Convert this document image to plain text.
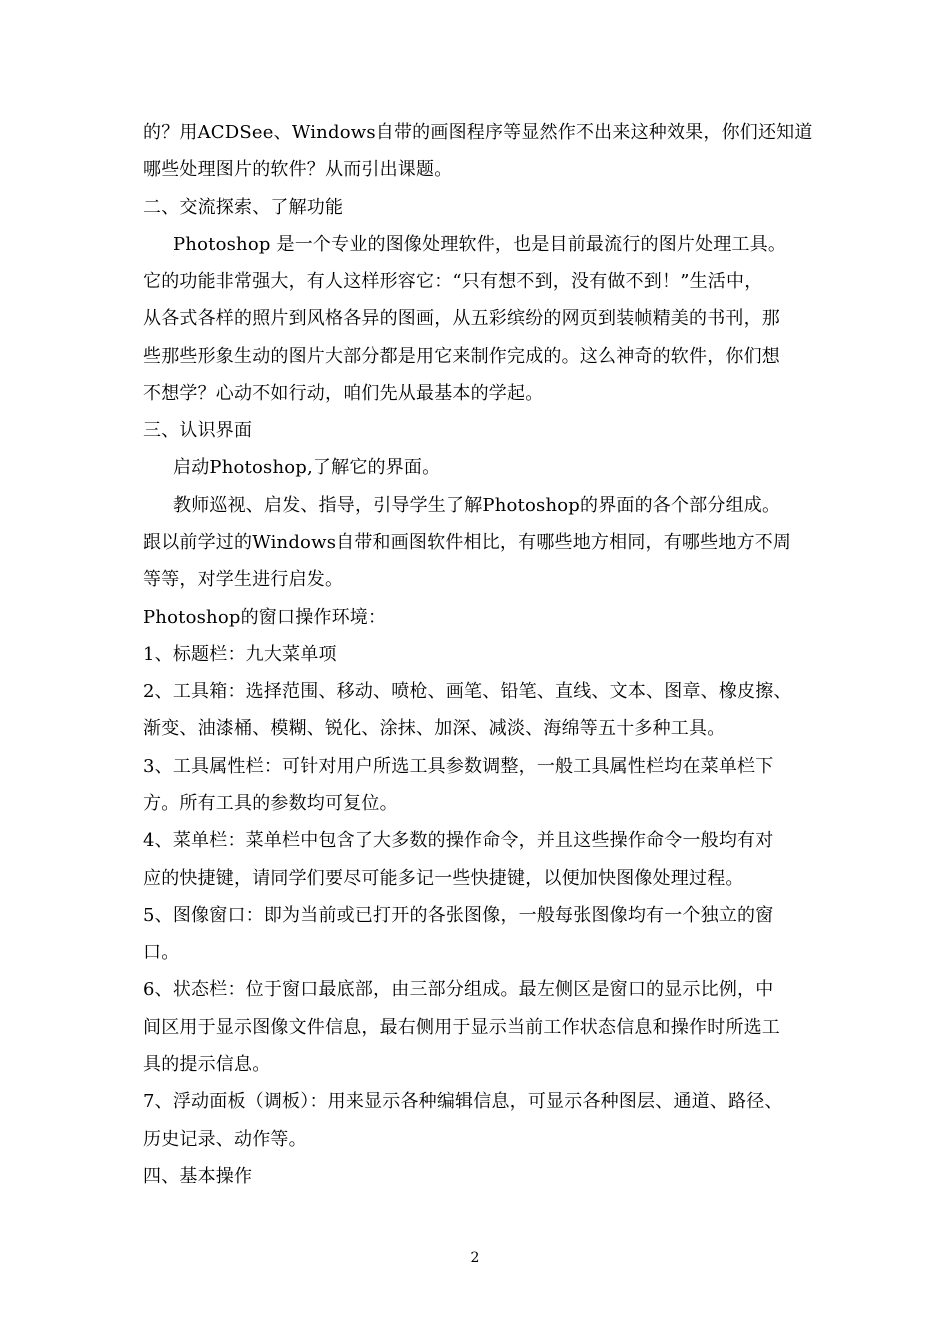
的？用ACDSee、Windows自带的画图程序等显然作不出来这种效果，你们还知道
哪些处理图片的软件？从而引出课题。
二、交流探索、了解功能
Photoshop 是一个专业的图像处理软件，也是目前最流行的图片处理工具。
它的功能非常强大，有人这样形容它：“只有想不到，没有做不到！”生活中，
从各式各样的照片到风格各异的图画，从五彩缤纷的网页到装帧精美的书刊，那
些那些形象生动的图片大部分都是用它来制作完成的。这么神奇的软件，你们想
不想学？心动不如行动，咱们先从最基本的学起。
三、认识界面
启动Photoshop,了解它的界面。
教师巡视、启发、指导，引导学生了解Photoshop的界面的各个部分组成。
跟以前学过的Windows自带和画图软件相比，有哪些地方相同，有哪些地方不周
等等，对学生进行启发。
Photoshop的窗口操作环境：
1、标题栏：九大菜单项
2、工具箱：选择范围、移动、喷枪、画笔、铅笔、直线、文本、图章、橡皮擦、
渐变、油漆桶、模糊、锐化、涂抹、加深、减淡、海绵等五十多种工具。
3、工具属性栏：可针对用户所选工具参数调整，一般工具属性栏均在菜单栏下
方。所有工具的参数均可复位。
4、菜单栏：菜单栏中包含了大多数的操作命令，并且这些操作命令一般均有对
应的快捷键，请同学们要尽可能多记一些快捷键，以便加快图像处理过程。
5、图像窗口：即为当前或已打开的各张图像，一般每张图像均有一个独立的窗
口。
6、状态栏：位于窗口最底部，由三部分组成。最左侧区是窗口的显示比例，中
间区用于显示图像文件信息，最右侧用于显示当前工作状态信息和操作时所选工
具的提示信息。
7、浮动面板（调板）：用来显示各种编辑信息，可显示各种图层、通道、路径、
历史记录、动作等。
四、基本操作
2
